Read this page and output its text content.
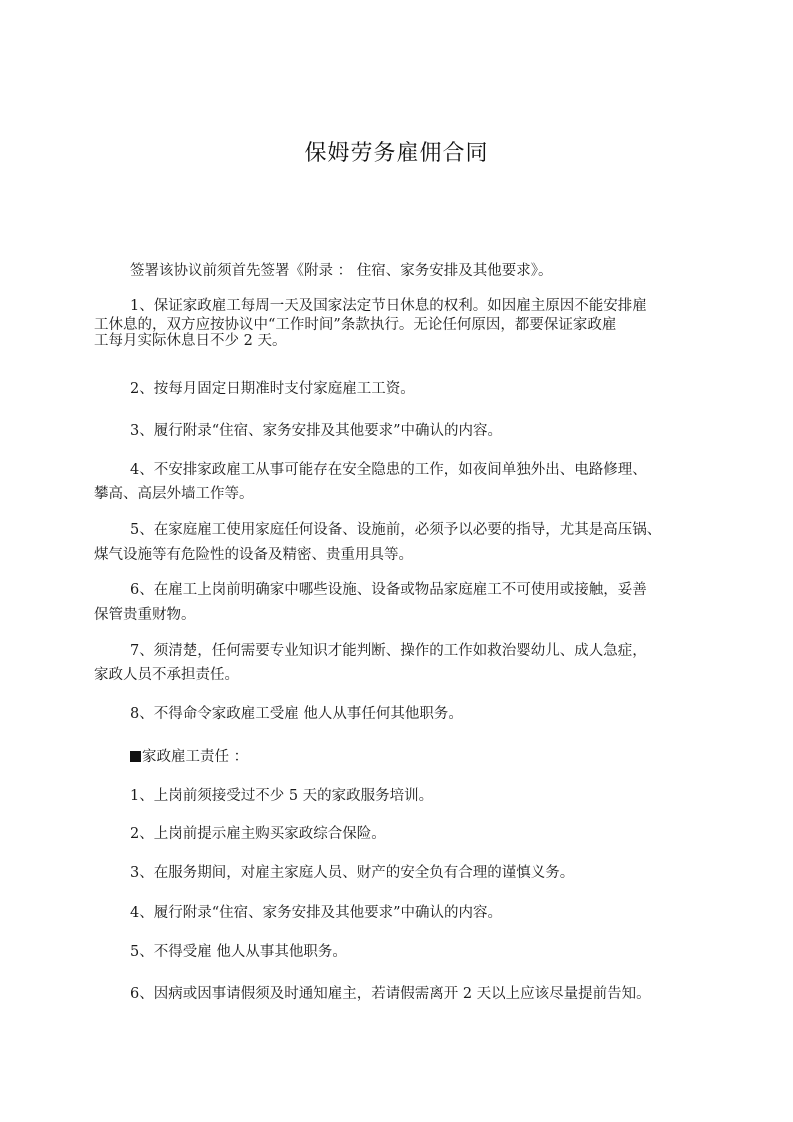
保姆劳务雇佣合同

签署该协议前须首先签署《附录 ： 住宿、家务安排及其他要求》。

1、保证家政雇工每周一天及国家法定节日休息的权利。如因雇主原因不能安排雇
工休息的，双方应按协议中“工作时间”条款执行。无论任何原因，都要保证家政雇
工每月实际休息日不少 2 天。

2、按每月固定日期准时支付家庭雇工工资。

3、履行附录“住宿、家务安排及其他要求”中确认的内容。

4、不安排家政雇工从事可能存在安全隐患的工作，如夜间单独外出、电路修理、
攀高、高层外墙工作等。

5、在家庭雇工使用家庭任何设备、设施前，必须予以必要的指导，尤其是高压锅、
煤气设施等有危险性的设备及精密、贵重用具等。

6、在雇工上岗前明确家中哪些设施、设备或物品家庭雇工不可使用或接触，妥善
保管贵重财物。

7、须清楚，任何需要专业知识才能判断、操作的工作如救治婴幼儿、成人急症，
家政人员不承担责任。

8、不得命令家政雇工受雇 他人从事任何其他职务。

家政雇工责任 ：

1、上岗前须接受过不少 5 天的家政服务培训。

2、上岗前提示雇主购买家政综合保险。

3、在服务期间，对雇主家庭人员、财产的安全负有合理的谨慎义务。

4、履行附录“住宿、家务安排及其他要求”中确认的内容。

5、不得受雇 他人从事其他职务。

6、因病或因事请假须及时通知雇主，若请假需离开 2 天以上应该尽量提前告知。
